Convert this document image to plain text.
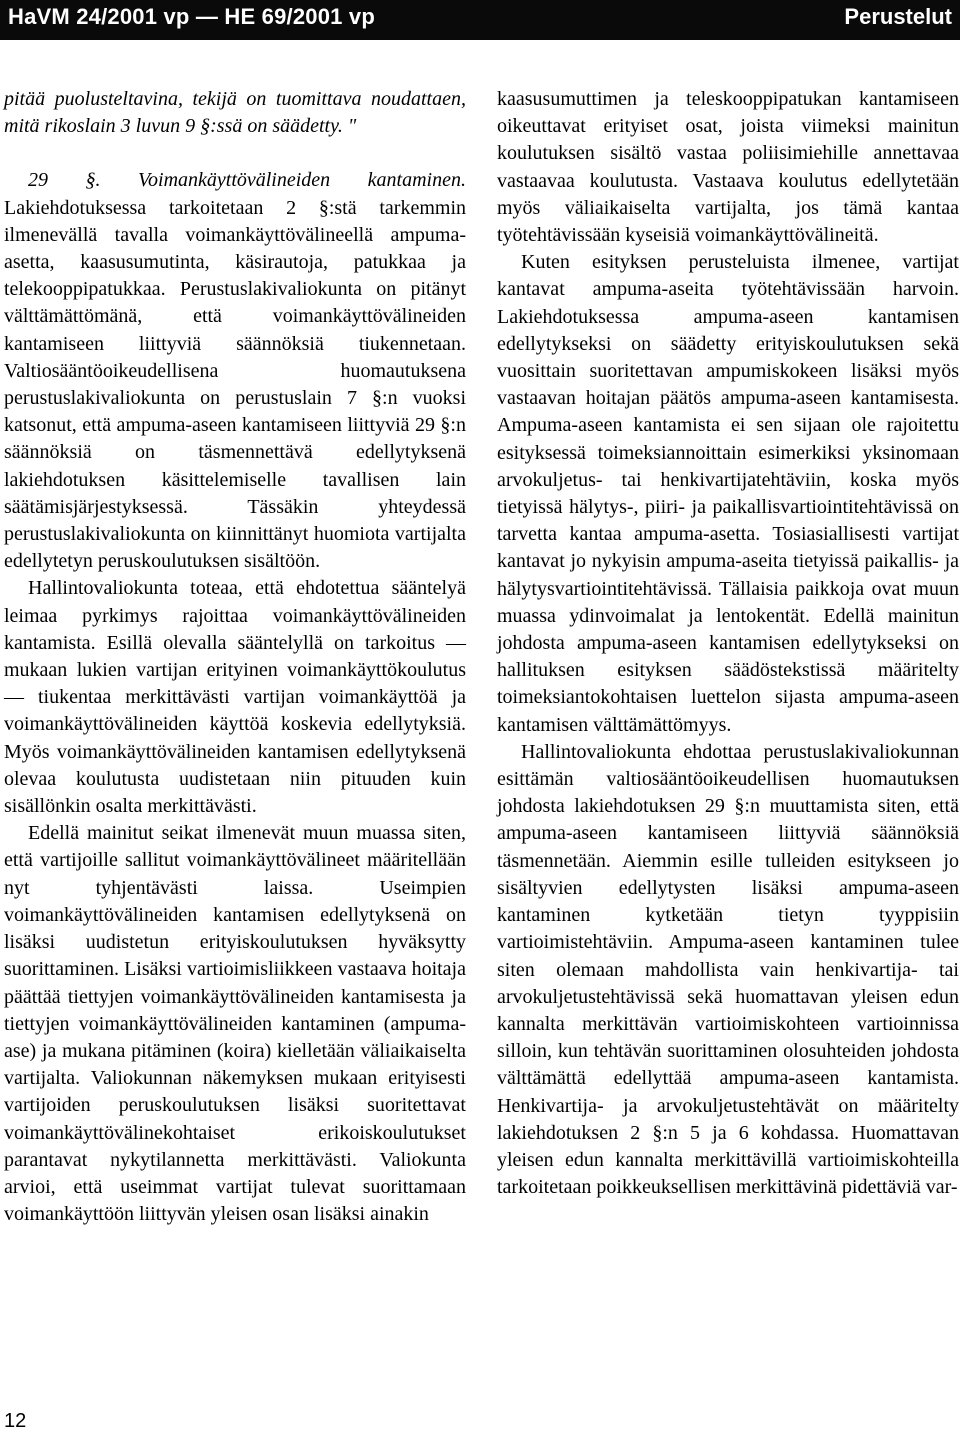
HaVM 24/2001 vp — HE 69/2001 vp	Perustelut

pitää puolusteltavina, tekijä on tuomittava noudattaen, mitä rikoslain 3 luvun 9 §:ssä on säädetty. "

29 §. Voimankäyttövälineiden kantaminen. Lakiehdotuksessa tarkoitetaan 2 §:stä tarkemmin ilmenevällä tavalla voimankäyttövälineellä ampuma-asetta, kaasusumutinta, käsirautoja, patukkaa ja telekooppipatukkaa. Perustuslakivaliokunta on pitänyt välttämättömänä, että voimankäyttövälineiden kantamiseen liittyviä säännöksiä tiukennetaan. Valtiosääntöoikeudellisena huomautuksena perustuslakivaliokunta on perustuslain 7 §:n vuoksi katsonut, että ampuma-aseen kantamiseen liittyviä 29 §:n säännöksiä on täsmennettävä edellytyksenä lakiehdotuksen käsittelemiselle tavallisen lain säätämisjärjestyksessä. Tässäkin yhteydessä perustuslakivaliokunta on kiinnittänyt huomiota vartijalta edellytetyn peruskoulutuksen sisältöön.

Hallintovaliokunta toteaa, että ehdotettua sääntelyä leimaa pyrkimys rajoittaa voimankäyttövälineiden kantamista. Esillä olevalla sääntelyllä on tarkoitus — mukaan lukien vartijan erityinen voimankäyttökoulutus — tiukentaa merkittävästi vartijan voimankäyttöä ja voimankäyttövälineiden käyttöä koskevia edellytyksiä. Myös voimankäyttövälineiden kantamisen edellytyksenä olevaa koulutusta uudistetaan niin pituuden kuin sisällönkin osalta merkittävästi.

Edellä mainitut seikat ilmenevät muun muassa siten, että vartijoille sallitut voimankäyttövälineet määritellään nyt tyhjentävästi laissa. Useimpien voimankäyttövälineiden kantamisen edellytyksenä on lisäksi uudistetun erityiskoulutuksen hyväksytty suorittaminen. Lisäksi vartioimisliikkeen vastaava hoitaja päättää tiettyjen voimankäyttövälineiden kantamisesta ja tiettyjen voimankäyttövälineiden kantaminen (ampuma-ase) ja mukana pitäminen (koira) kielletään väliaikaiselta vartijalta. Valiokunnan näkemyksen mukaan erityisesti vartijoiden peruskoulutuksen lisäksi suoritettavat voimankäyttövälinekohtaiset erikoiskoulutukset parantavat nykytilannetta merkittävästi. Valiokunta arvioi, että useimmat vartijat tulevat suorittamaan voimankäyttöön liittyvän yleisen osan lisäksi ainakin

kaasusumuttimen ja teleskooppipatukan kantamiseen oikeuttavat erityiset osat, joista viimeksi mainitun koulutuksen sisältö vastaa poliisimiehille annettavaa vastaavaa koulutusta. Vastaava koulutus edellytetään myös väliaikaiselta vartijalta, jos tämä kantaa työtehtävissään kyseisiä voimankäyttövälineitä.

Kuten esityksen perusteluista ilmenee, vartijat kantavat ampuma-aseita työtehtävissään harvoin. Lakiehdotuksessa ampuma-aseen kantamisen edellytykseksi on säädetty erityiskoulutuksen sekä vuosittain suoritettavan ampumiskokeen lisäksi myös vastaavan hoitajan päätös ampuma-aseen kantamisesta. Ampuma-aseen kantamista ei sen sijaan ole rajoitettu esityksessä toimeksiannoittain esimerkiksi yksinomaan arvokuljetus- tai henkivartijatehtäviin, koska myös tietyissä hälytys-, piiri- ja paikallisvartiointitehtävissä on tarvetta kantaa ampuma-asetta. Tosiasiallisesti vartijat kantavat jo nykyisin ampuma-aseita tietyissä paikallis- ja hälytysvartiointitehtävissä. Tällaisia paikkoja ovat muun muassa ydinvoimalat ja lentokentät. Edellä mainitun johdosta ampuma-aseen kantamisen edellytykseksi on hallituksen esityksen säädöstekstissä määritelty toimeksiantokohtaisen luettelon sijasta ampuma-aseen kantamisen välttämättömyys.

Hallintovaliokunta ehdottaa perustuslakivaliokunnan esittämän valtiosääntöoikeudellisen huomautuksen johdosta lakiehdotuksen 29 §:n muuttamista siten, että ampuma-aseen kantamiseen liittyviä säännöksiä täsmennetään. Aiemmin esille tulleiden esitykseen jo sisältyvien edellytysten lisäksi ampuma-aseen kantaminen kytketään tietyn tyyppisiin vartioimistehtäviin. Ampuma-aseen kantaminen tulee siten olemaan mahdollista vain henkivartija- tai arvokuljetustehtävissä sekä huomattavan yleisen edun kannalta merkittävän vartioimiskohteen vartioinnissa silloin, kun tehtävän suorittaminen olosuhteiden johdosta välttämättä edellyttää ampuma-aseen kantamista. Henkivartija- ja arvokuljetustehtävät on määritelty lakiehdotuksen 2 §:n 5 ja 6 kohdassa. Huomattavan yleisen edun kannalta merkittävillä vartioimiskohteilla tarkoitetaan poikkeuksellisen merkittävinä pidettäviä var-

12
